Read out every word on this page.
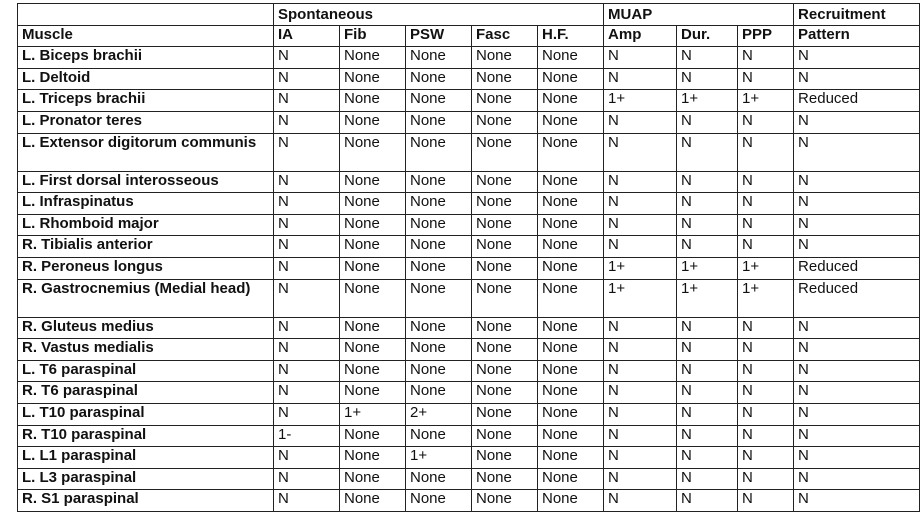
	Spontaneous					MUAP			Recruitment
Muscle	IA	Fib	PSW	Fasc	H.F.	Amp	Dur.	PPP	Pattern
L. Biceps brachii	N	None	None	None	None	N	N	N	N
L. Deltoid	N	None	None	None	None	N	N	N	N
L. Triceps brachii	N	None	None	None	None	1+	1+	1+	Reduced
L. Pronator teres	N	None	None	None	None	N	N	N	N
L. Extensor digitorum communis	N	None	None	None	None	N	N	N	N
L. First dorsal interosseous	N	None	None	None	None	N	N	N	N
L. Infraspinatus	N	None	None	None	None	N	N	N	N
L. Rhomboid major	N	None	None	None	None	N	N	N	N
R. Tibialis anterior	N	None	None	None	None	N	N	N	N
R. Peroneus longus	N	None	None	None	None	1+	1+	1+	Reduced
R. Gastrocnemius (Medial head)	N	None	None	None	None	1+	1+	1+	Reduced
R. Gluteus medius	N	None	None	None	None	N	N	N	N
R. Vastus medialis	N	None	None	None	None	N	N	N	N
L. T6 paraspinal	N	None	None	None	None	N	N	N	N
R. T6 paraspinal	N	None	None	None	None	N	N	N	N
L. T10 paraspinal	N	1+	2+	None	None	N	N	N	N
R. T10 paraspinal	1-	None	None	None	None	N	N	N	N
L. L1 paraspinal	N	None	1+	None	None	N	N	N	N
L. L3 paraspinal	N	None	None	None	None	N	N	N	N
R. S1 paraspinal	N	None	None	None	None	N	N	N	N
